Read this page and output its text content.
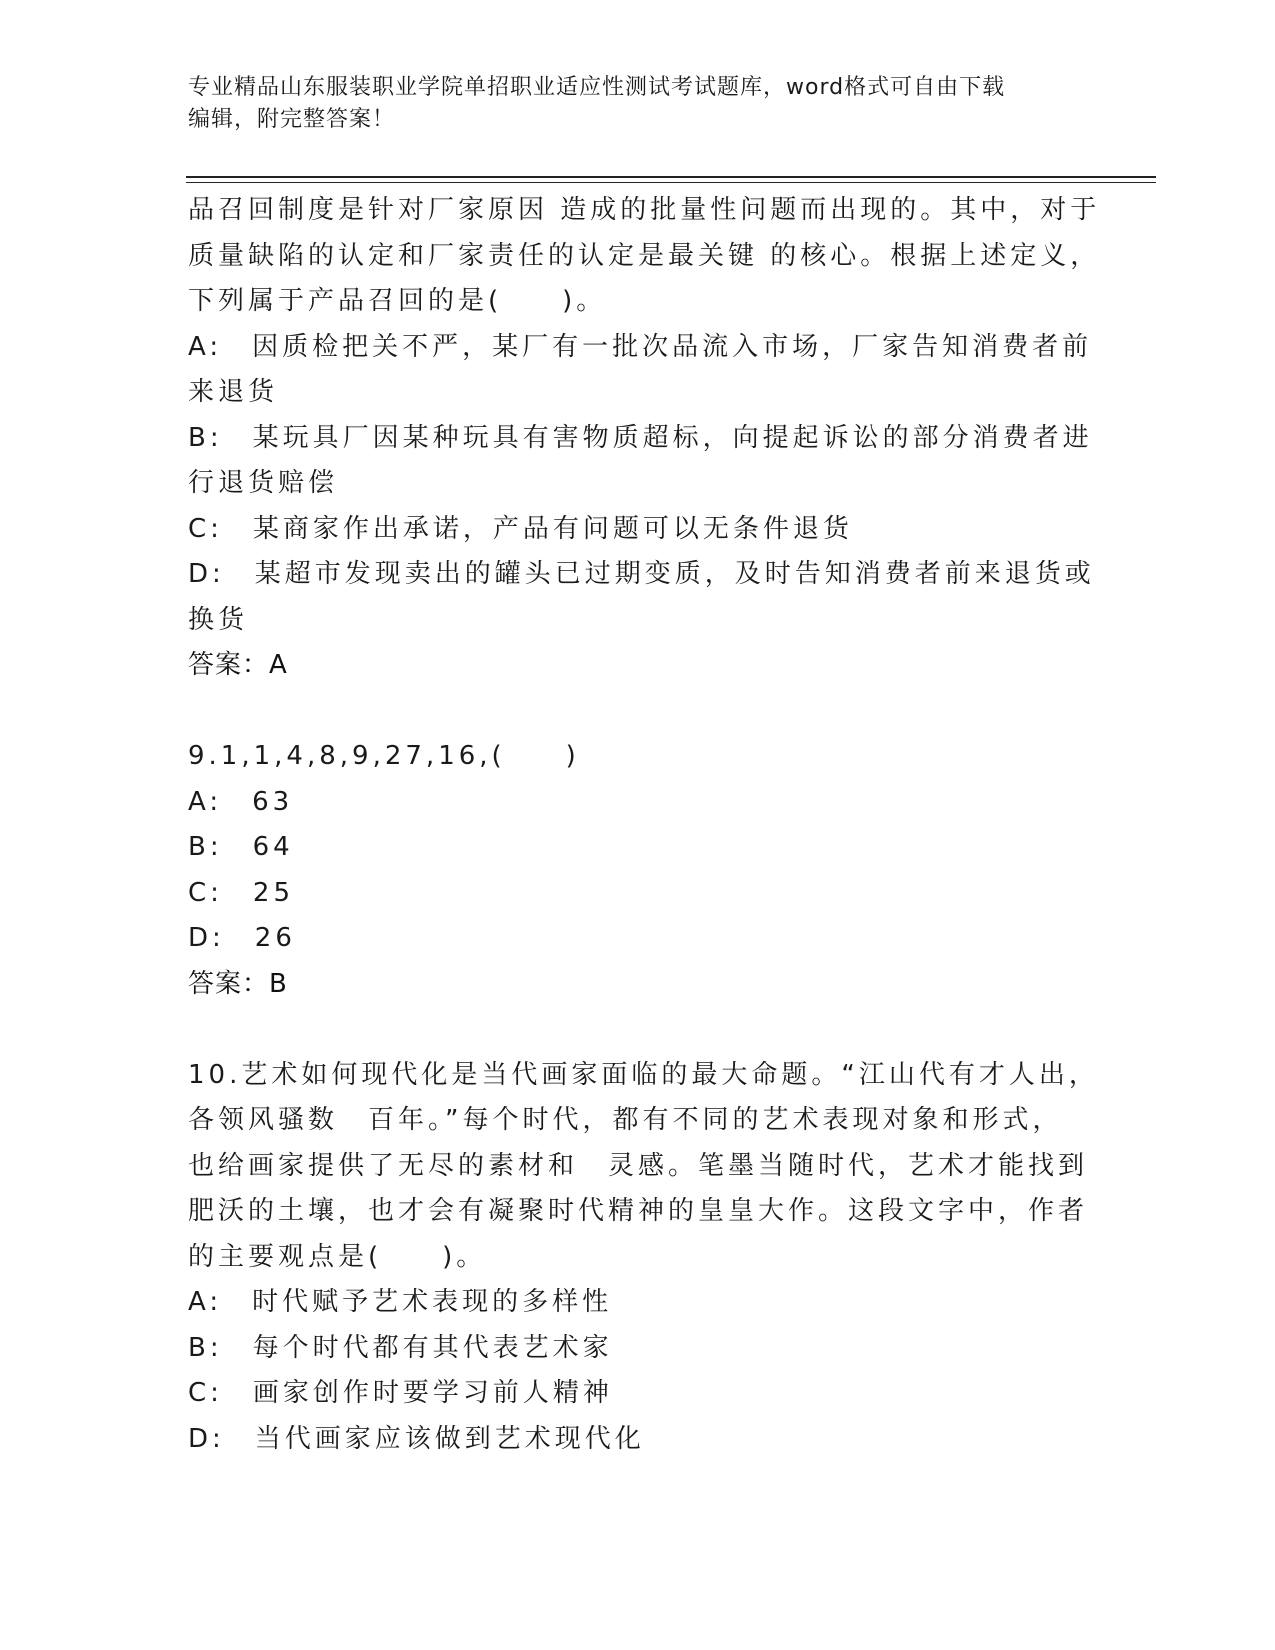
专业精品山东服装职业学院单招职业适应性测试考试题库，word格式可自由下载
编辑，附完整答案！
品召回制度是针对厂家原因 造成的批量性问题而出现的。其中，对于
质量缺陷的认定和厂家责任的认定是最关键 的核心。根据上述定义，
下列属于产品召回的是(　　)。
A:　因质检把关不严，某厂有一批次品流入市场，厂家告知消费者前
来退货
B:　某玩具厂因某种玩具有害物质超标，向提起诉讼的部分消费者进
行退货赔偿
C:　某商家作出承诺，产品有问题可以无条件退货
D:　某超市发现卖出的罐头已过期变质，及时告知消费者前来退货或
换货
答案：A
9.1,1,4,8,9,27,16,(　　)
A:　63
B:　64
C:　25
D:　26
答案：B
10.艺术如何现代化是当代画家面临的最大命题。“江山代有才人出，
各领风骚数　百年。”每个时代，都有不同的艺术表现对象和形式，
也给画家提供了无尽的素材和　灵感。笔墨当随时代，艺术才能找到
肥沃的土壤，也才会有凝聚时代精神的皇皇大作。这段文字中，作者
的主要观点是(　　)。
A:　时代赋予艺术表现的多样性
B:　每个时代都有其代表艺术家
C:　画家创作时要学习前人精神
D:　当代画家应该做到艺术现代化
